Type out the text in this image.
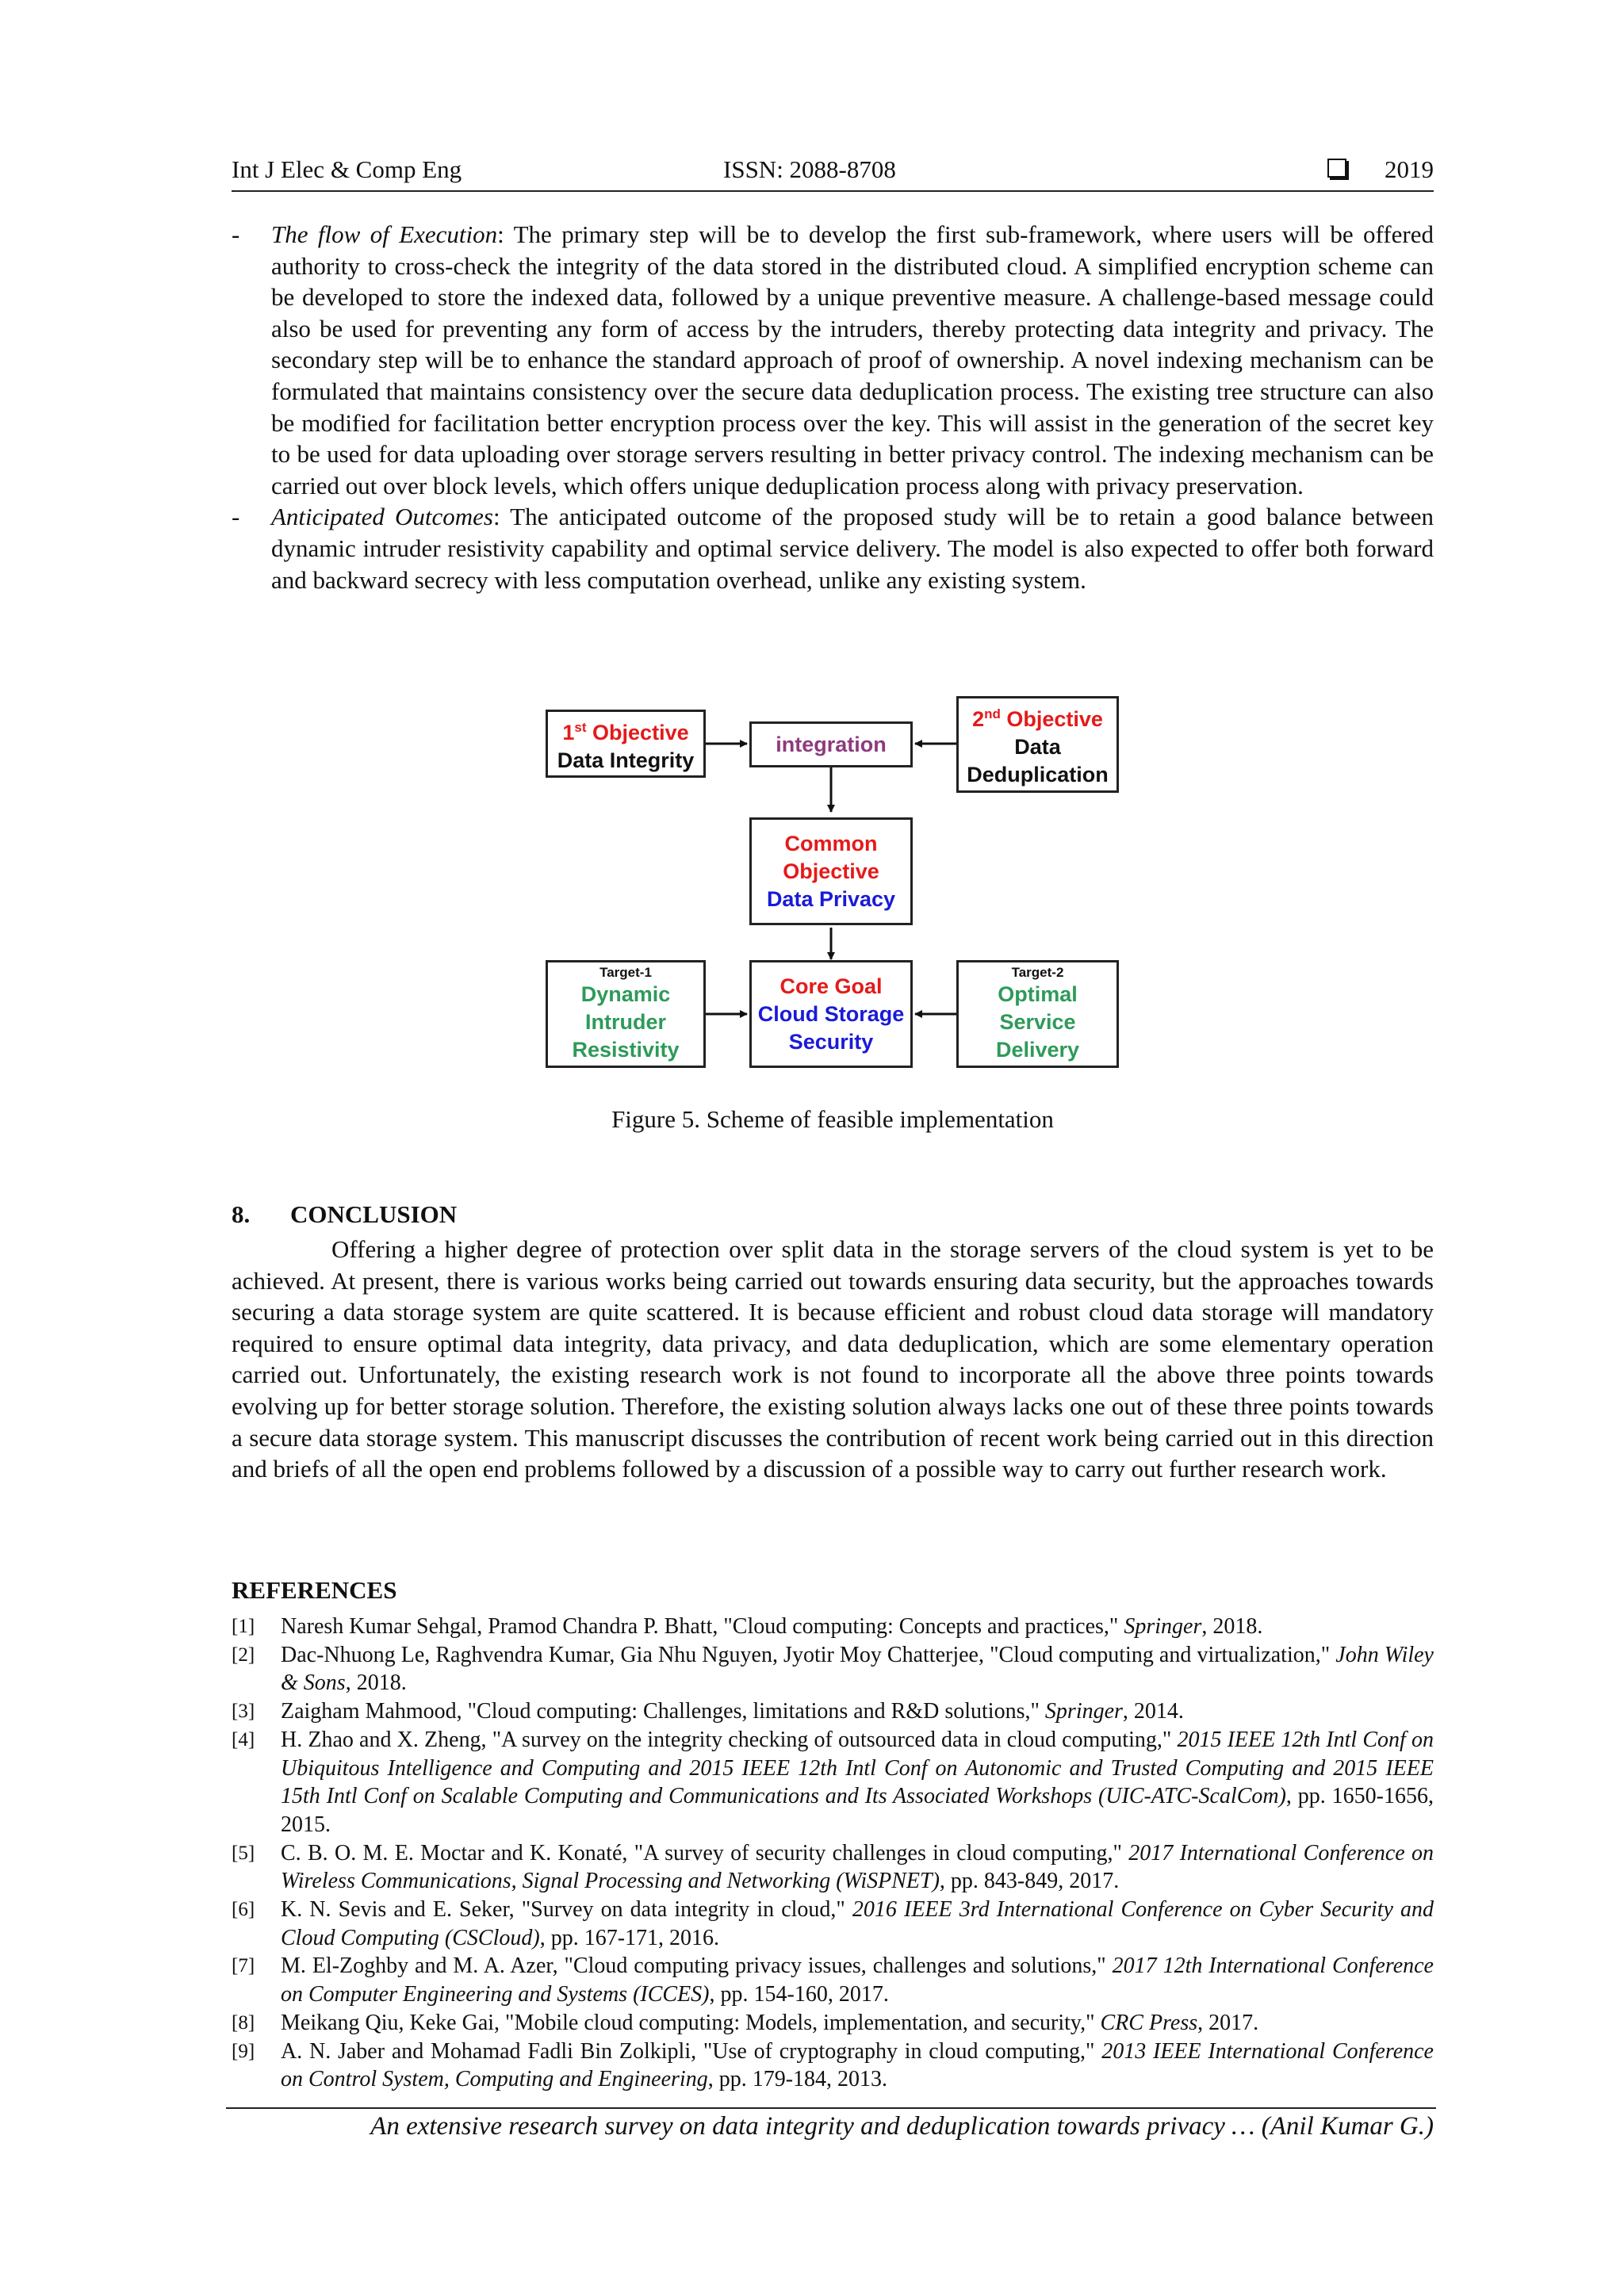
Int J Elec & Comp Eng	ISSN: 2088-8708	2019
- The flow of Execution: The primary step will be to develop the first sub-framework, where users will be offered authority to cross-check the integrity of the data stored in the distributed cloud. A simplified encryption scheme can be developed to store the indexed data, followed by a unique preventive measure. A challenge-based message could also be used for preventing any form of access by the intruders, thereby protecting data integrity and privacy. The secondary step will be to enhance the standard approach of proof of ownership. A novel indexing mechanism can be formulated that maintains consistency over the secure data deduplication process. The existing tree structure can also be modified for facilitation better encryption process over the key. This will assist in the generation of the secret key to be used for data uploading over storage servers resulting in better privacy control. The indexing mechanism can be carried out over block levels, which offers unique deduplication process along with privacy preservation.
- Anticipated Outcomes: The anticipated outcome of the proposed study will be to retain a good balance between dynamic intruder resistivity capability and optimal service delivery. The model is also expected to offer both forward and backward secrecy with less computation overhead, unlike any existing system.
1st Objective
Data Integrity
integration
2nd Objective
Data
Deduplication
Common
Objective
Data Privacy
Target-1
Dynamic
Intruder
Resistivity
Core Goal
Cloud Storage
Security
Target-2
Optimal
Service
Delivery
Figure 5. Scheme of feasible implementation
8. CONCLUSION

Offering a higher degree of protection over split data in the storage servers of the cloud system is yet to be achieved. At present, there is various works being carried out towards ensuring data security, but the approaches towards securing a data storage system are quite scattered. It is because efficient and robust cloud data storage will mandatory required to ensure optimal data integrity, data privacy, and data deduplication, which are some elementary operation carried out. Unfortunately, the existing research work is not found to incorporate all the above three points towards evolving up for better storage solution. Therefore, the existing solution always lacks one out of these three points towards a secure data storage system. This manuscript discusses the contribution of recent work being carried out in this direction and briefs of all the open end problems followed by a discussion of a possible way to carry out further research work.

REFERENCES
[1] Naresh Kumar Sehgal, Pramod Chandra P. Bhatt, "Cloud computing: Concepts and practices," Springer, 2018.
[2] Dac-Nhuong Le, Raghvendra Kumar, Gia Nhu Nguyen, Jyotir Moy Chatterjee, "Cloud computing and virtualization," John Wiley & Sons, 2018.
[3] Zaigham Mahmood, "Cloud computing: Challenges, limitations and R&D solutions," Springer, 2014.
[4] H. Zhao and X. Zheng, "A survey on the integrity checking of outsourced data in cloud computing," 2015 IEEE 12th Intl Conf on Ubiquitous Intelligence and Computing and 2015 IEEE 12th Intl Conf on Autonomic and Trusted Computing and 2015 IEEE 15th Intl Conf on Scalable Computing and Communications and Its Associated Workshops (UIC-ATC-ScalCom), pp. 1650-1656, 2015.
[5] C. B. O. M. E. Moctar and K. Konaté, "A survey of security challenges in cloud computing," 2017 International Conference on Wireless Communications, Signal Processing and Networking (WiSPNET), pp. 843-849, 2017.
[6] K. N. Sevis and E. Seker, "Survey on data integrity in cloud," 2016 IEEE 3rd International Conference on Cyber Security and Cloud Computing (CSCloud), pp. 167-171, 2016.
[7] M. El-Zoghby and M. A. Azer, "Cloud computing privacy issues, challenges and solutions," 2017 12th International Conference on Computer Engineering and Systems (ICCES), pp. 154-160, 2017.
[8] Meikang Qiu, Keke Gai, "Mobile cloud computing: Models, implementation, and security," CRC Press, 2017.
[9] A. N. Jaber and Mohamad Fadli Bin Zolkipli, "Use of cryptography in cloud computing," 2013 IEEE International Conference on Control System, Computing and Engineering, pp. 179-184, 2013.
An extensive research survey on data integrity and deduplication towards privacy … (Anil Kumar G.)
